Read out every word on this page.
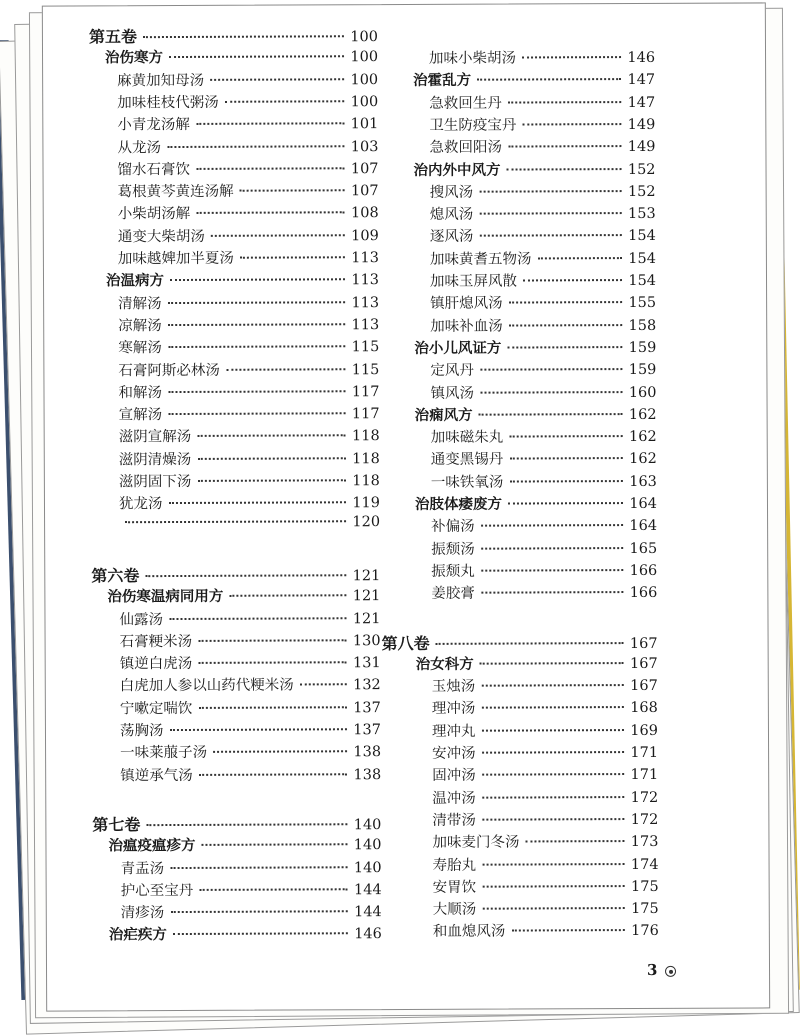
第五卷	100
治伤寒方	100
麻黄加知母汤	100
加味桂枝代粥汤	100
小青龙汤解	101
从龙汤	103
馏水石膏饮	107
葛根黄芩黄连汤解	107
小柴胡汤解	108
通变大柴胡汤	109
加味越婢加半夏汤	113
治温病方	113
清解汤	113
凉解汤	113
寒解汤	115
石膏阿斯必林汤	115
和解汤	117
宣解汤	117
滋阴宣解汤	118
滋阴清燥汤	118
滋阴固下汤	118
犹龙汤	119
120
第六卷	121
治伤寒温病同用方	121
仙露汤	121
石膏粳米汤	130
镇逆白虎汤	131
白虎加人参以山药代粳米汤	132
宁嗽定喘饮	137
荡胸汤	137
一味莱菔子汤	138
镇逆承气汤	138
第七卷	140
治瘟疫瘟疹方	140
青盂汤	140
护心至宝丹	144
清疹汤	144
治疟疾方	146
加味小柴胡汤	146
治霍乱方	147
急救回生丹	147
卫生防疫宝丹	149
急救回阳汤	149
治内外中风方	152
搜风汤	152
熄风汤	153
逐风汤	154
加味黄耆五物汤	154
加味玉屏风散	154
镇肝熄风汤	155
加味补血汤	158
治小儿风证方	159
定风丹	159
镇风汤	160
治痫风方	162
加味磁朱丸	162
通变黑锡丹	162
一味铁氧汤	163
治肢体痿废方	164
补偏汤	164
振颓汤	165
振颓丸	166
姜胶膏	166
第八卷	167
治女科方	167
玉烛汤	167
理冲汤	168
理冲丸	169
安冲汤	171
固冲汤	171
温冲汤	172
清带汤	172
加味麦门冬汤	173
寿胎丸	174
安胃饮	175
大顺汤	175
和血熄风汤	176
3
